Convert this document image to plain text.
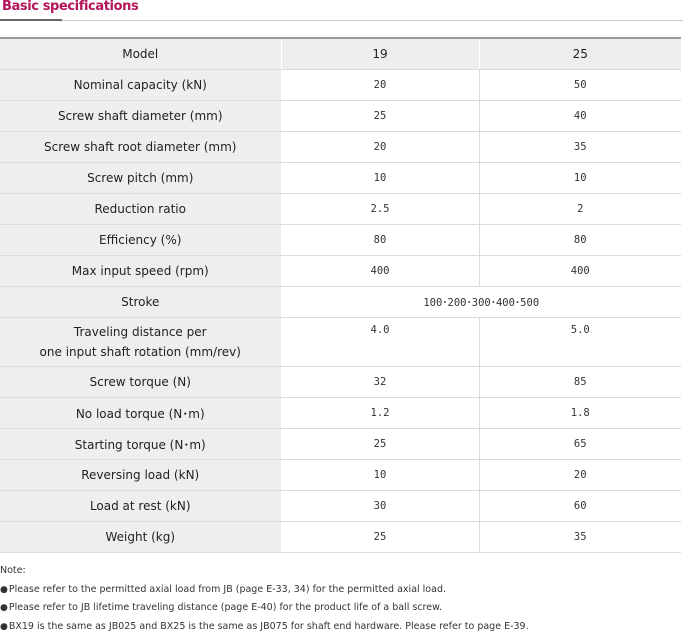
Basic specifications
Model	19	25
Nominal capacity (kN)	20	50
Screw shaft diameter (mm)	25	40
Screw shaft root diameter (mm)	20	35
Screw pitch (mm)	10	10
Reduction ratio	2.5	2
Efficiency (%)	80	80
Max input speed (rpm)	400	400
Stroke	100･200･300･400･500	
Traveling distance per
one input shaft rotation (mm/rev)	4.0	5.0
Screw torque (N)	32	85
No load torque (N･m)	1.2	1.8
Starting torque (N･m)	25	65
Reversing load (kN)	10	20
Load at rest (kN)	30	60
Weight (kg)	25	35
Note:
●Please refer to the permitted axial load from JB (page E-33, 34) for the permitted axial load.
●Please refer to JB lifetime traveling distance (page E-40) for the product life of a ball screw.
●BX19 is the same as JB025 and BX25 is the same as JB075 for shaft end hardware. Please refer to page E-39.
